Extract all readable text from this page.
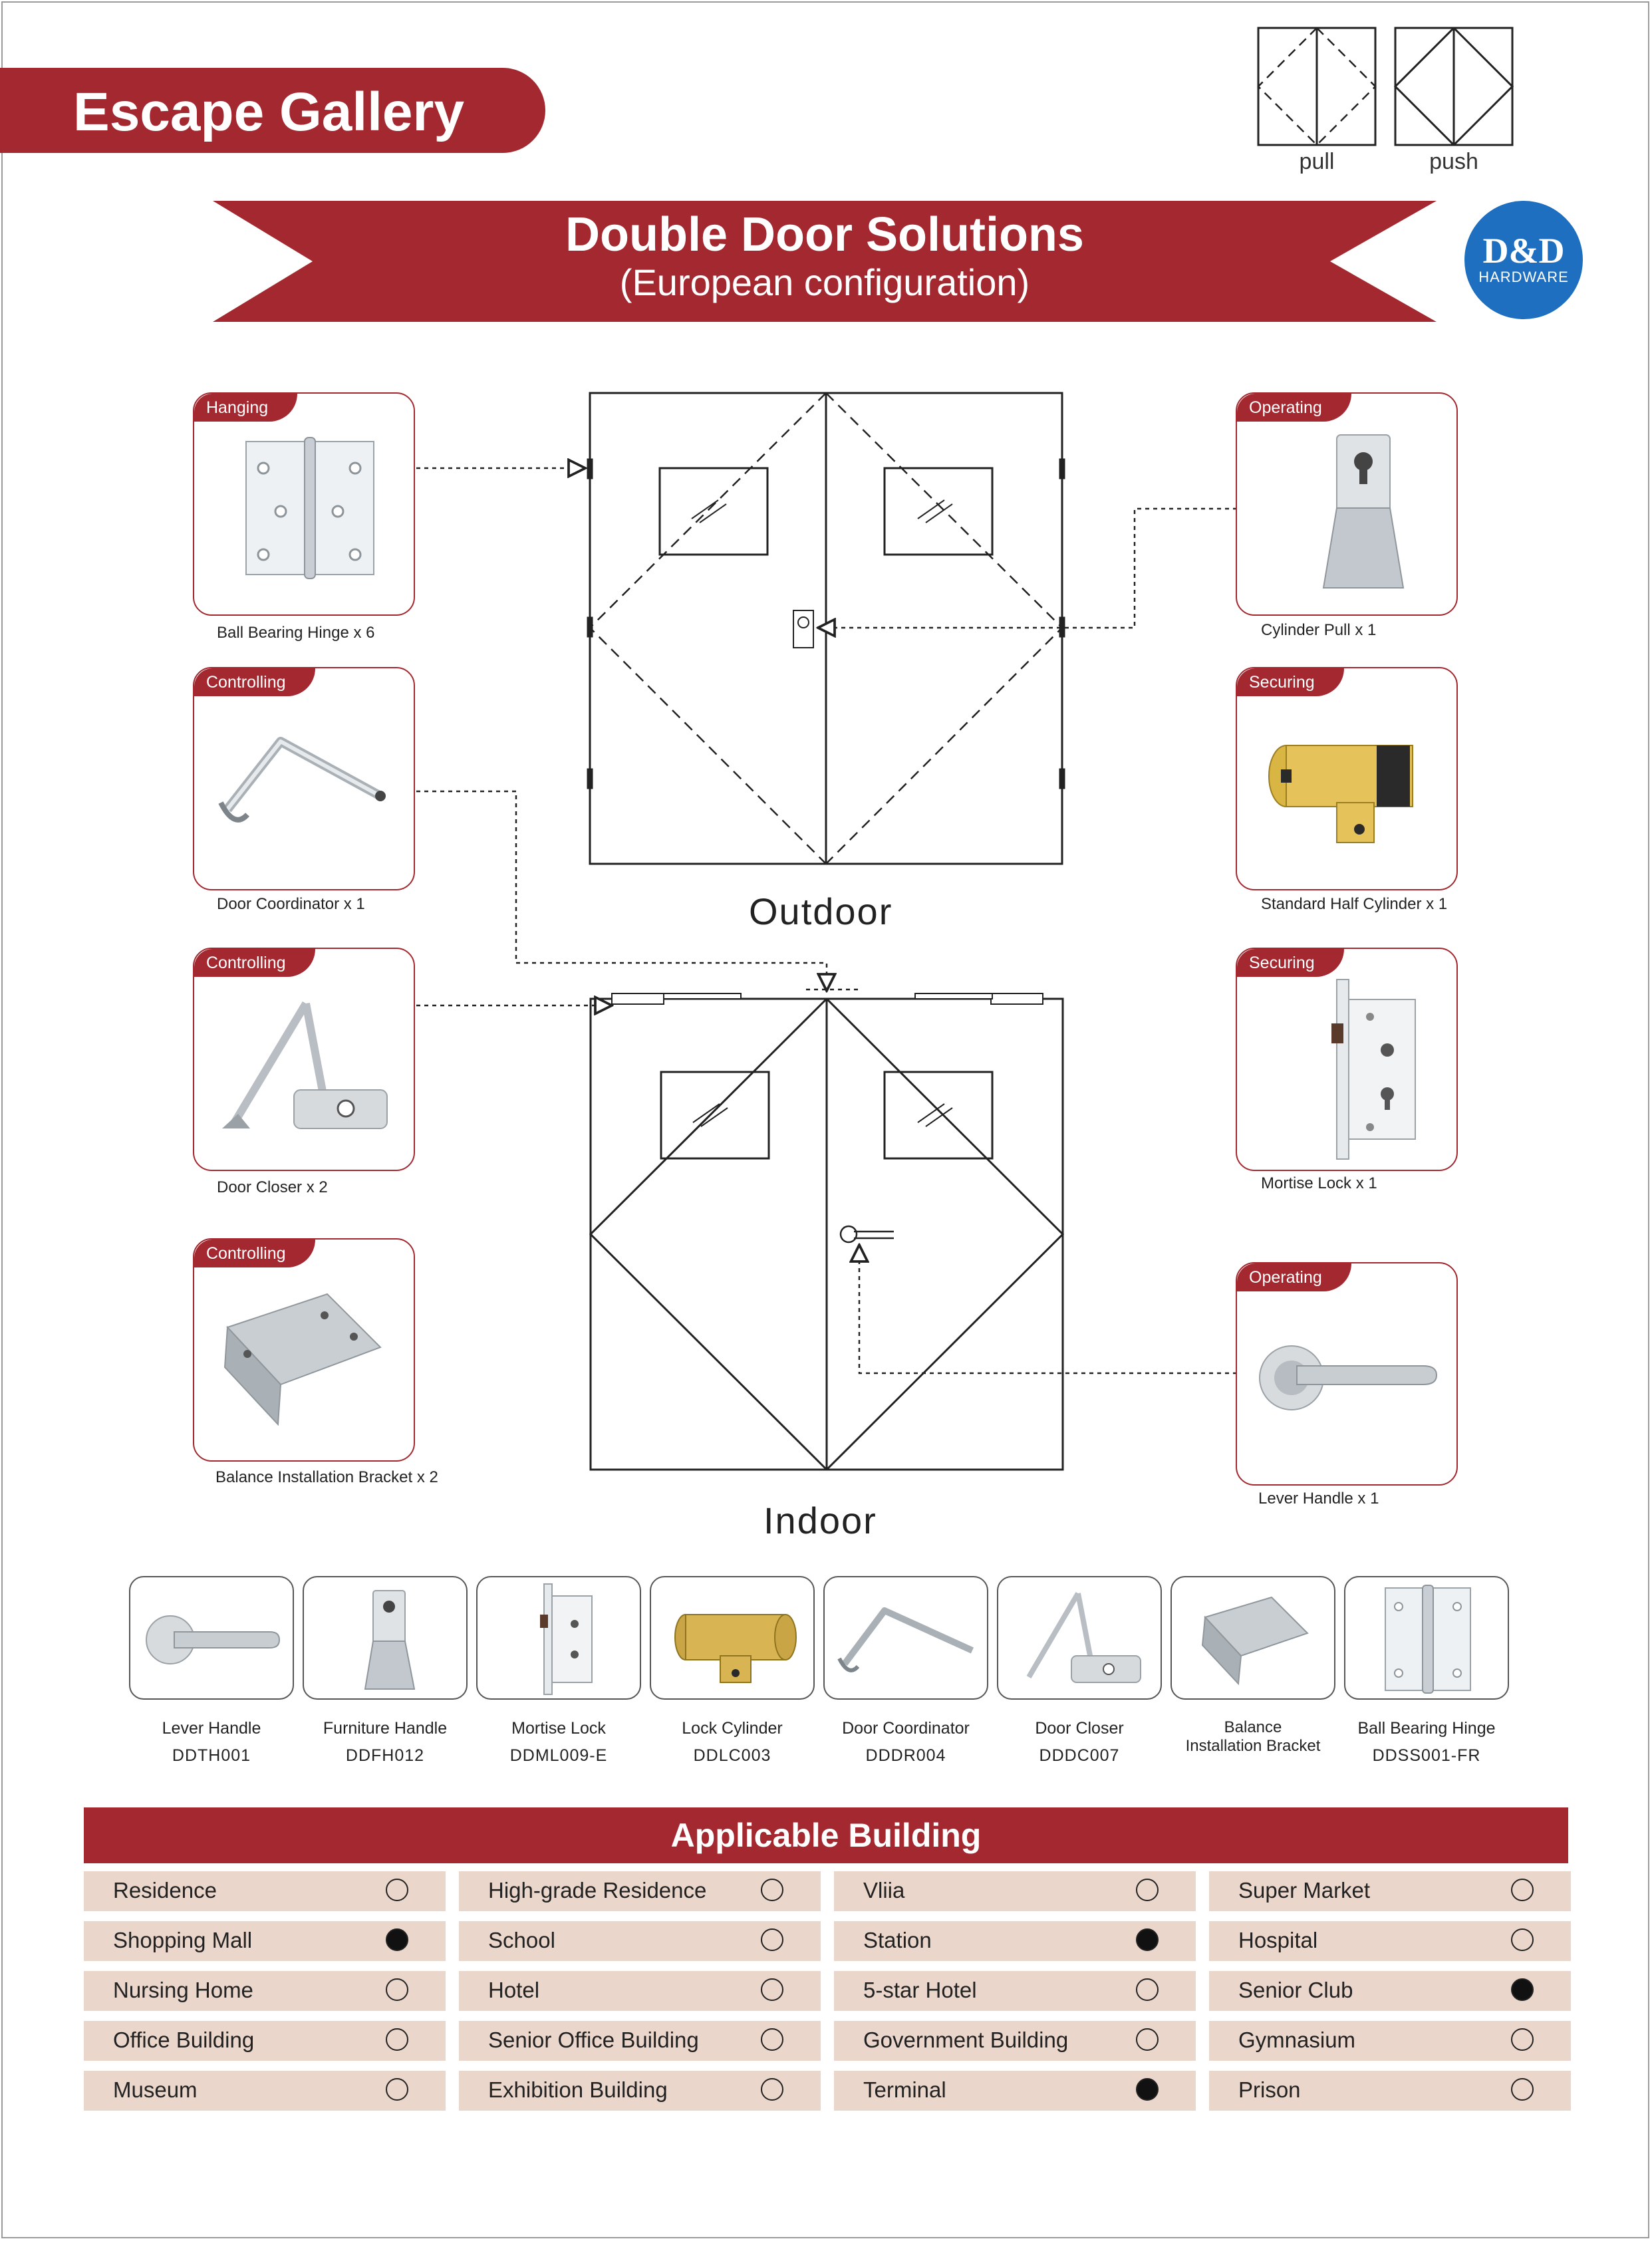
Escape Gallery
pull	push
Double Door Solutions
(European configuration)
D&D
HARDWARE
Outdoor
Indoor
Hanging
Ball Bearing Hinge x 6
Controlling
Door Coordinator x 1
Controlling
Door Closer x 2
Controlling
Balance Installation Bracket x 2
Operating
Cylinder Pull x 1
Securing
Standard Half Cylinder x 1
Securing
Mortise Lock x 1
Operating
Lever Handle x 1
Lever Handle
DDTH001
Furniture Handle
DDFH012
Mortise Lock
DDML009-E
Lock Cylinder
DDLC003
Door Coordinator
DDDR004
Door Closer
DDDC007
Balance
Installation Bracket
Ball Bearing Hinge
DDSS001-FR
Applicable Building
Residence	High-grade Residence	Vliia	Super Market
Shopping Mall	School	Station	Hospital
Nursing Home	Hotel	5-star Hotel	Senior Club
Office Building	Senior Office Building	Government Building	Gymnasium
Museum	Exhibition Building	Terminal	Prison
